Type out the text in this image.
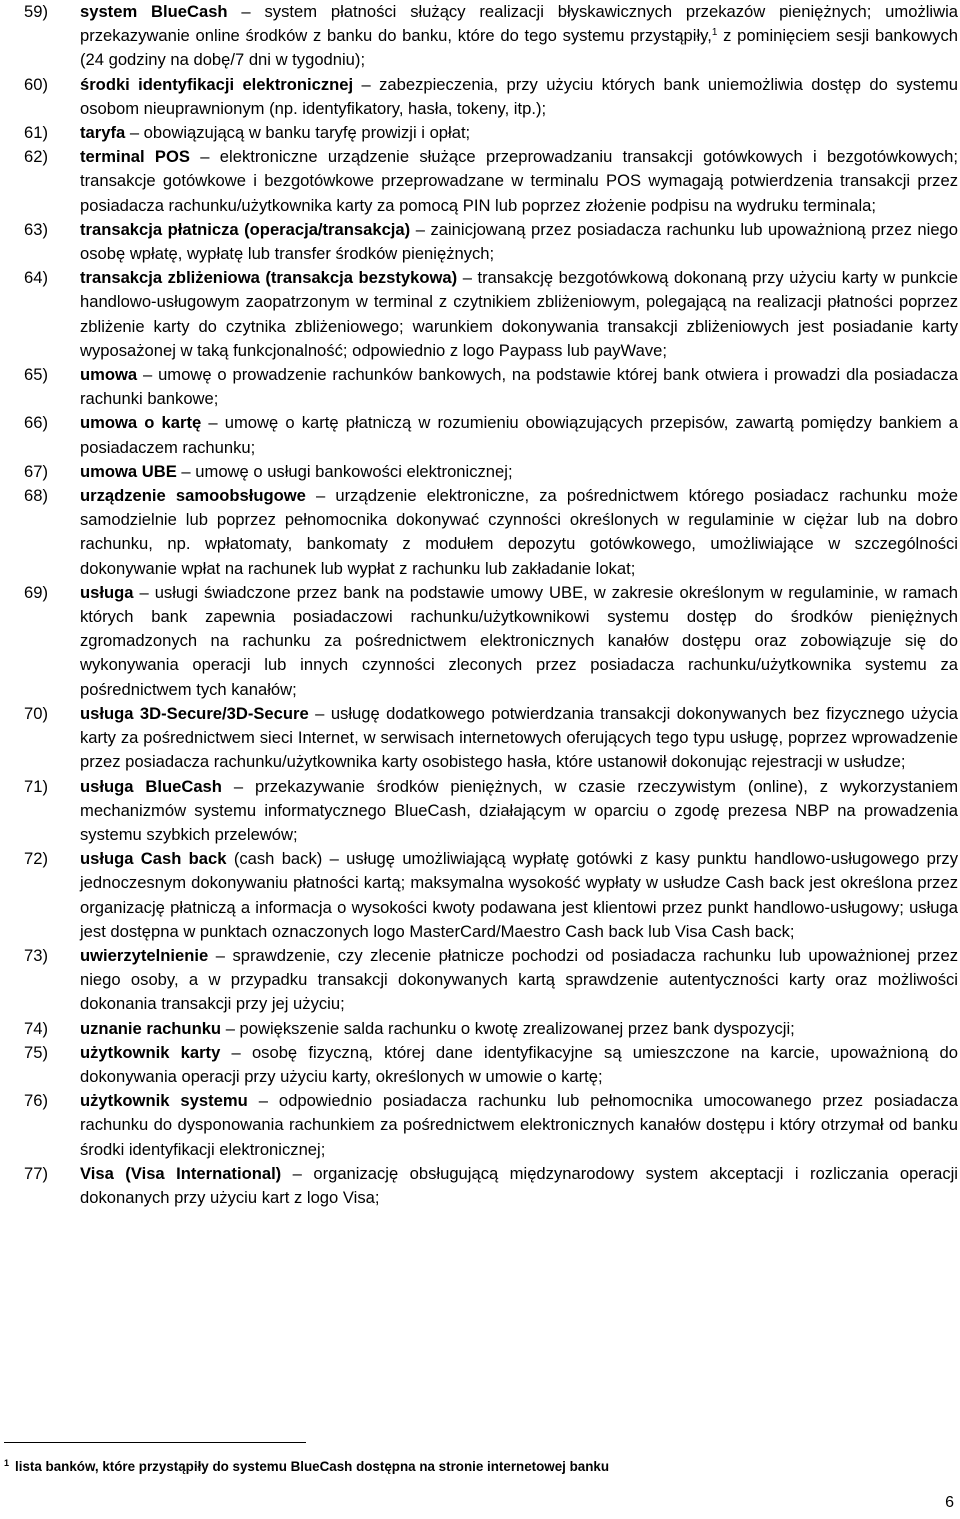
59) system BlueCash – system płatności służący realizacji błyskawicznych przekazów pieniężnych; umożliwia przekazywanie online środków z banku do banku, które do tego systemu przystąpiły,$^1$ z pominięciem sesji bankowych (24 godziny na dobę/7 dni w tygodniu);
60) środki identyfikacji elektronicznej – zabezpieczenia, przy użyciu których bank uniemożliwia dostęp do systemu osobom nieuprawnionym (np. identyfikatory, hasła, tokeny, itp.);
61) taryfa – obowiązującą w banku taryfę prowizji i opłat;
62) terminal POS – elektroniczne urządzenie służące przeprowadzaniu transakcji gotówkowych i bezgotówkowych; transakcje gotówkowe i bezgotówkowe przeprowadzane w terminalu POS wymagają potwierdzenia transakcji przez posiadacza rachunku/użytkownika karty za pomocą PIN lub poprzez złożenie podpisu na wydruku terminala;
63) transakcja płatnicza (operacja/transakcja) – zainicjowaną przez posiadacza rachunku lub upoważnioną przez niego osobę wpłatę, wypłatę lub transfer środków pieniężnych;
64) transakcja zbliżeniowa (transakcja bezstykowa) – transakcję bezgotówkową dokonaną przy użyciu karty w punkcie handlowo-usługowym zaopatrzonym w terminal z czytnikiem zbliżeniowym, polegającą na realizacji płatności poprzez zbliżenie karty do czytnika zbliżeniowego; warunkiem dokonywania transakcji zbliżeniowych jest posiadanie karty wyposażonej w taką funkcjonalność; odpowiednio z logo Paypass lub payWave;
65) umowa – umowę o prowadzenie rachunków bankowych, na podstawie której bank otwiera i prowadzi dla posiadacza rachunki bankowe;
66) umowa o kartę – umowę o kartę płatniczą w rozumieniu obowiązujących przepisów, zawartą pomiędzy bankiem a posiadaczem rachunku;
67) umowa UBE – umowę o usługi bankowości elektronicznej;
68) urządzenie samoobsługowe – urządzenie elektroniczne, za pośrednictwem którego posiadacz rachunku może samodzielnie lub poprzez pełnomocnika dokonywać czynności określonych w regulaminie w ciężar lub na dobro rachunku, np. wpłatomaty, bankomaty z modułem depozytu gotówkowego, umożliwiające w szczególności dokonywanie wpłat na rachunek lub wypłat z rachunku lub zakładanie lokat;
69) usługa – usługi świadczone przez bank na podstawie umowy UBE, w zakresie określonym w regulaminie, w ramach których bank zapewnia posiadaczowi rachunku/użytkownikowi systemu dostęp do środków pieniężnych zgromadzonych na rachunku za pośrednictwem elektronicznych kanałów dostępu oraz zobowiązuje się do wykonywania operacji lub innych czynności zleconych przez posiadacza rachunku/użytkownika systemu za pośrednictwem tych kanałów;
70) usługa 3D-Secure/3D-Secure – usługę dodatkowego potwierdzania transakcji dokonywanych bez fizycznego użycia karty za pośrednictwem sieci Internet, w serwisach internetowych oferujących tego typu usługę, poprzez wprowadzenie przez posiadacza rachunku/użytkownika karty osobistego hasła, które ustanowił dokonując rejestracji w usłudze;
71) usługa BlueCash – przekazywanie środków pieniężnych, w czasie rzeczywistym (online), z wykorzystaniem mechanizmów systemu informatycznego BlueCash, działającym w oparciu o zgodę prezesa NBP na prowadzenia systemu szybkich przelewów;
72) usługa Cash back (cash back) – usługę umożliwiającą wypłatę gotówki z kasy punktu handlowo-usługowego przy jednoczesnym dokonywaniu płatności kartą; maksymalna wysokość wypłaty w usłudze Cash back jest określona przez organizację płatniczą a informacja o wysokości kwoty podawana jest klientowi przez punkt handlowo-usługowy; usługa jest dostępna w punktach oznaczonych logo MasterCard/Maestro Cash back lub Visa Cash back;
73) uwierzytelnienie – sprawdzenie, czy zlecenie płatnicze pochodzi od posiadacza rachunku lub upoważnionej przez niego osoby, a w przypadku transakcji dokonywanych kartą sprawdzenie autentyczności karty oraz możliwości dokonania transakcji przy jej użyciu;
74) uznanie rachunku – powiększenie salda rachunku o kwotę zrealizowanej przez bank dyspozycji;
75) użytkownik karty – osobę fizyczną, której dane identyfikacyjne są umieszczone na karcie, upoważnioną do dokonywania operacji przy użyciu karty, określonych w umowie o kartę;
76) użytkownik systemu – odpowiednio posiadacza rachunku lub pełnomocnika umocowanego przez posiadacza rachunku do dysponowania rachunkiem za pośrednictwem elektronicznych kanałów dostępu i który otrzymał od banku środki identyfikacji elektronicznej;
77) Visa (Visa International) – organizację obsługującą międzynarodowy system akceptacji i rozliczania operacji dokonanych przy użyciu kart z logo Visa;
$^1$ lista banków, które przystąpiły do systemu BlueCash dostępna na stronie internetowej banku
6
